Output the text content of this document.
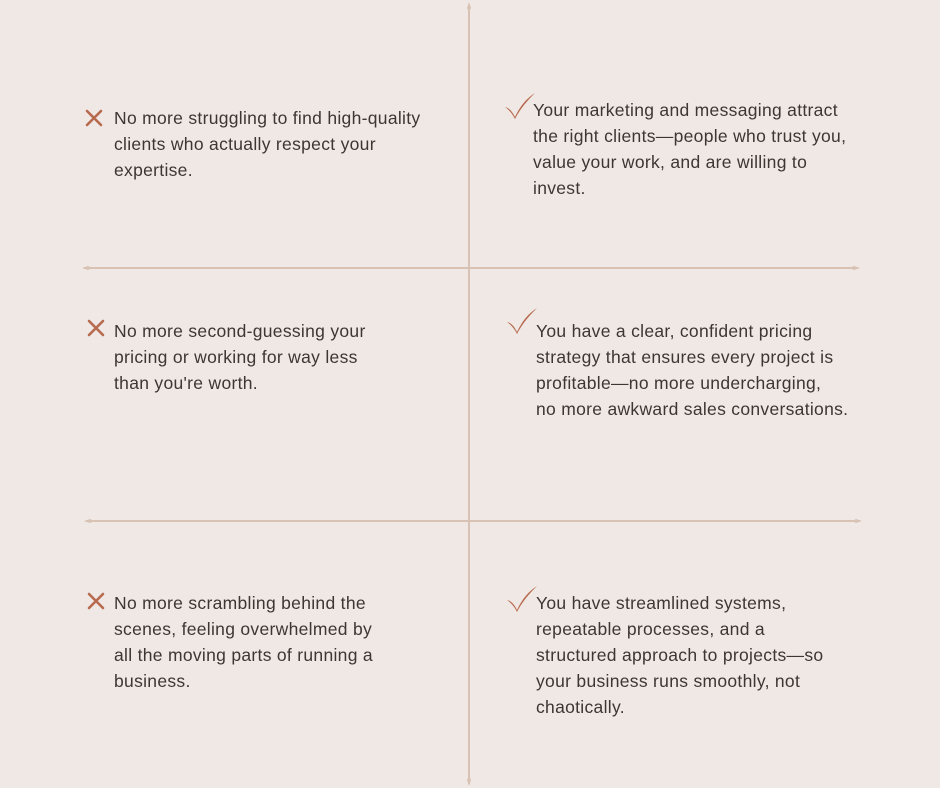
No more struggling to find high-quality
clients who actually respect your
expertise.
Your marketing and messaging attract
the right clients—people who trust you,
value your work, and are willing to
invest.
No more second-guessing your
pricing or working for way less
than you're worth.
You have a clear, confident pricing
strategy that ensures every project is
profitable—no more undercharging,
no more awkward sales conversations.
No more scrambling behind the
scenes, feeling overwhelmed by
all the moving parts of running a
business.
You have streamlined systems,
repeatable processes, and a
structured approach to projects—so
your business runs smoothly, not
chaotically.
